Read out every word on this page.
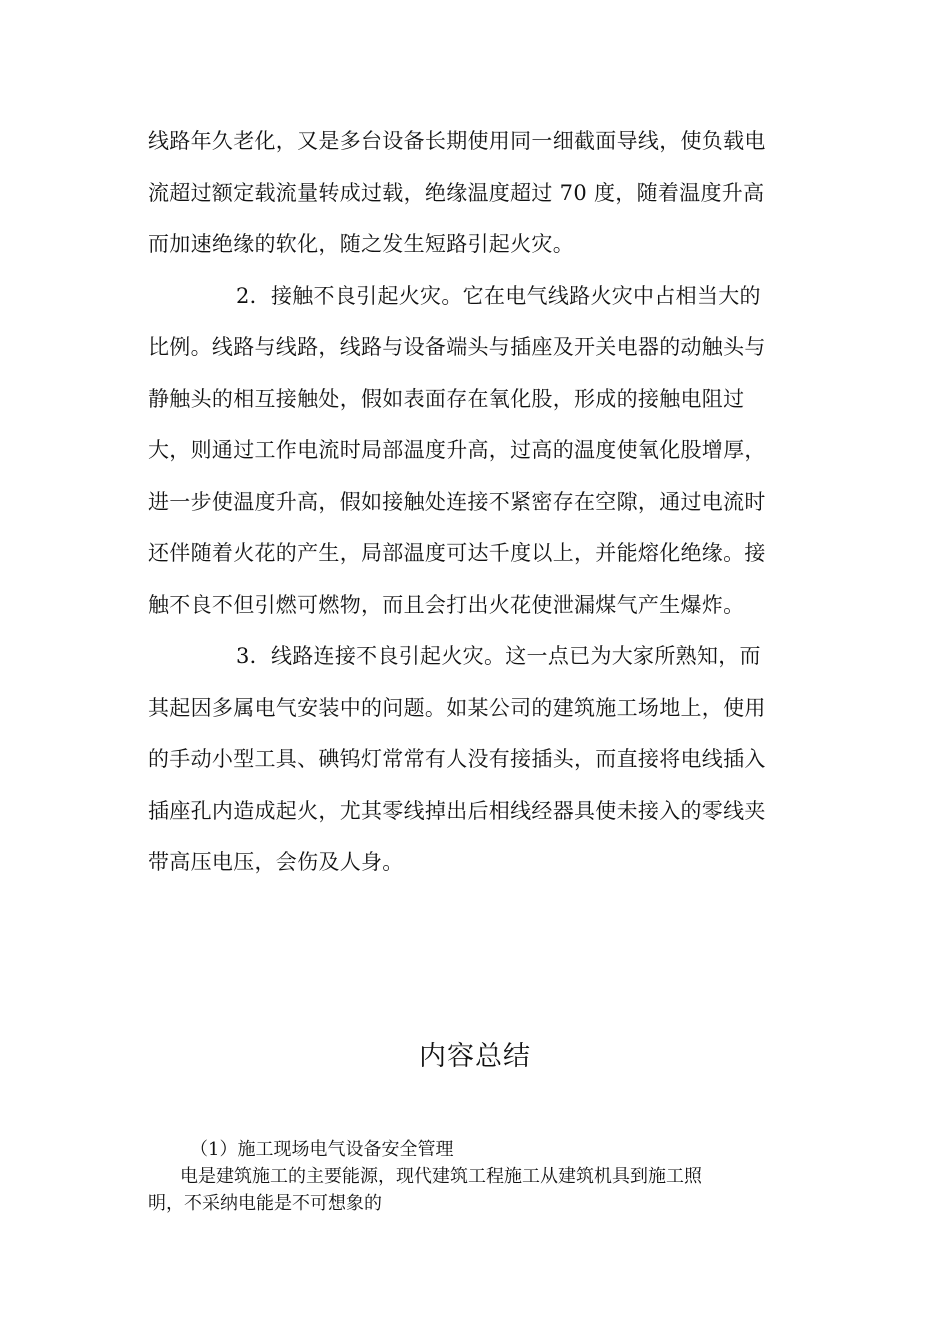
线路年久老化，又是多台设备长期使用同一细截面导线，使负载电
流超过额定载流量转成过载，绝缘温度超过 70 度，随着温度升高
而加速绝缘的软化，随之发生短路引起火灾。

2．接触不良引起火灾。它在电气线路火灾中占相当大的
比例。线路与线路，线路与设备端头与插座及开关电器的动触头与
静触头的相互接触处，假如表面存在氧化股，形成的接触电阻过
大，则通过工作电流时局部温度升高，过高的温度使氧化股增厚，
进一步使温度升高，假如接触处连接不紧密存在空隙，通过电流时
还伴随着火花的产生，局部温度可达千度以上，并能熔化绝缘。接
触不良不但引燃可燃物，而且会打出火花使泄漏煤气产生爆炸。

3．线路连接不良引起火灾。这一点已为大家所熟知，而
其起因多属电气安装中的问题。如某公司的建筑施工场地上，使用
的手动小型工具、碘钨灯常常有人没有接插头，而直接将电线插入
插座孔内造成起火，尤其零线掉出后相线经器具使未接入的零线夹
带高压电压，会伤及人身。

内容总结
（1）施工现场电气设备安全管理
电是建筑施工的主要能源，现代建筑工程施工从建筑机具到施工照
明，不采纳电能是不可想象的
